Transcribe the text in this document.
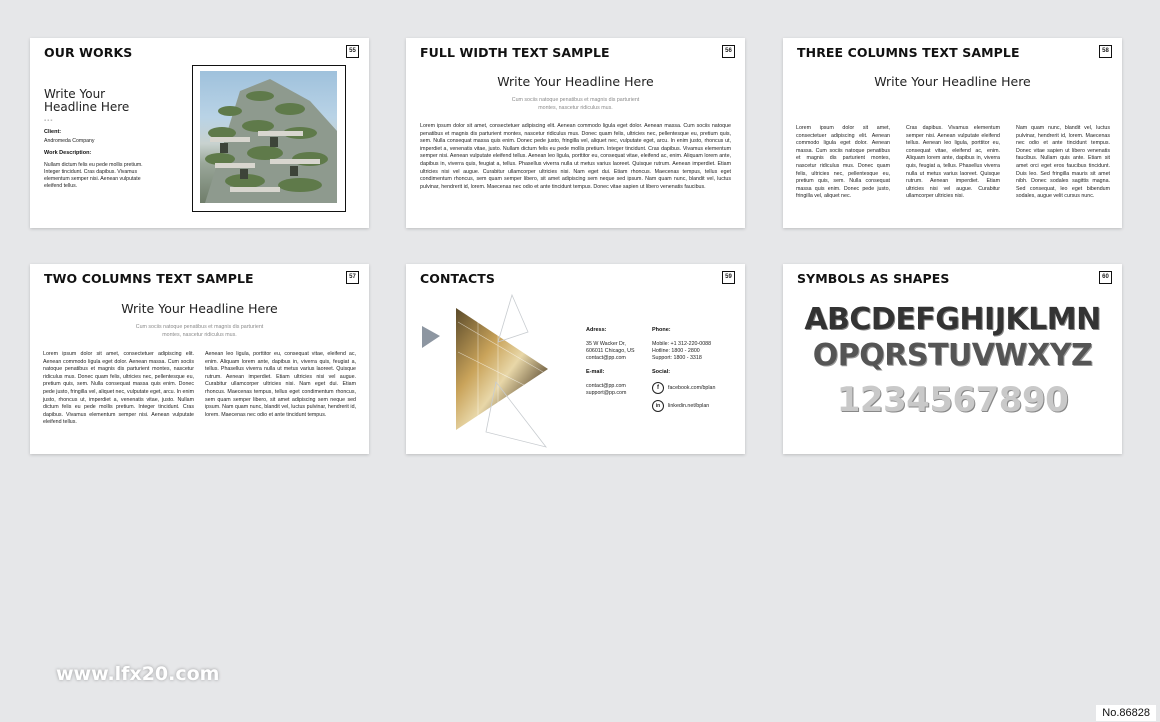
OUR WORKS	55
Write Your
Headline Here
▪▪▪
Client:
Andromeda Company
Work Description:
Nullam dictum felis eu pede mollis pretium. Integer tincidunt. Cras dapibus. Vivamus elementum semper nisi. Aenean vulputate eleifend tellus.
FULL WIDTH TEXT SAMPLE	56
Write Your Headline Here
Cum sociis natoque penatibus et magnis dis parturient
montes, nascetur ridiculus mus.
Lorem ipsum dolor sit amet, consectetuer adipiscing elit. Aenean commodo ligula eget dolor. Aenean massa. Cum sociis natoque penatibus et magnis dis parturient montes, nascetur ridiculus mus. Donec quam felis, ultricies nec, pellentesque eu, pretium quis, sem. Nulla consequat massa quis enim. Donec pede justo, fringilla vel, aliquet nec, vulputate eget, arcu. In enim justo, rhoncus ut, imperdiet a, venenatis vitae, justo. Nullam dictum felis eu pede mollis pretium. Integer tincidunt. Cras dapibus. Vivamus elementum semper nisi. Aenean vulputate eleifend tellus. Aenean leo ligula, porttitor eu, consequat vitae, eleifend ac, enim. Aliquam lorem ante, dapibus in, viverra quis, feugiat a, tellus. Phasellus viverra nulla ut metus varius laoreet. Quisque rutrum. Aenean imperdiet. Etiam ultricies nisi vel augue. Curabitur ullamcorper ultricies nisi. Nam eget dui. Etiam rhoncus. Maecenas tempus, tellus eget condimentum rhoncus, sem quam semper libero, sit amet adipiscing sem neque sed ipsum. Nam quam nunc, blandit vel, luctus pulvinar, hendrerit id, lorem. Maecenas nec odio et ante tincidunt tempus. Donec vitae sapien ut libero venenatis faucibus.
THREE COLUMNS TEXT SAMPLE	58
Write Your Headline Here
Lorem ipsum dolor sit amet, consectetuer adipiscing elit. Aenean commodo ligula eget dolor. Aenean massa. Cum sociis natoque penatibus et magnis dis parturient montes, nascetur ridiculus mus. Donec quam felis, ultricies nec, pellentesque eu, pretium quis, sem. Nulla consequat massa quis enim. Donec pede justo, fringilla vel, aliquet nec.
Cras dapibus. Vivamus elementum semper nisi. Aenean vulputate eleifend tellus. Aenean leo ligula, porttitor eu, consequat vitae, eleifend ac, enim. Aliquam lorem ante, dapibus in, viverra quis, feugiat a, tellus. Phasellus viverra nulla ut metus varius laoreet. Quisque rutrum. Aenean imperdiet. Etiam ultricies nisi vel augue. Curabitur ullamcorper ultricies nisi.
Nam quam nunc, blandit vel, luctus pulvinar, hendrerit id, lorem. Maecenas nec odio et ante tincidunt tempus. Donec vitae sapien ut libero venenatis faucibus. Nullam quis ante. Etiam sit amet orci eget eros faucibus tincidunt. Duis leo. Sed fringilla mauris sit amet nibh. Donec sodales sagittis magna. Sed consequat, leo eget bibendum sodales, augue velit cursus nunc.
TWO COLUMNS TEXT SAMPLE	57
Write Your Headline Here
Cum sociis natoque penatibus et magnis dis parturient
montes, nascetur ridiculus mus.
Lorem ipsum dolor sit amet, consectetuer adipiscing elit. Aenean commodo ligula eget dolor. Aenean massa. Cum sociis natoque penatibus et magnis dis parturient montes, nascetur ridiculus mus. Donec quam felis, ultricies nec, pellentesque eu, pretium quis, sem. Nulla consequat massa quis enim. Donec pede justo, fringilla vel, aliquet nec, vulputate eget, arcu. In enim justo, rhoncus ut, imperdiet a, venenatis vitae, justo. Nullam dictum felis eu pede mollis pretium. Integer tincidunt. Cras dapibus. Vivamus elementum semper nisi. Aenean vulputate eleifend tellus.
Aenean leo ligula, porttitor eu, consequat vitae, eleifend ac, enim. Aliquam lorem ante, dapibus in, viverra quis, feugiat a, tellus. Phasellus viverra nulla ut metus varius laoreet. Quisque rutrum. Aenean imperdiet. Etiam ultricies nisi vel augue. Curabitur ullamcorper ultricies nisi. Nam eget dui. Etiam rhoncus. Maecenas tempus, tellus eget condimentum rhoncus, sem quam semper libero, sit amet adipiscing sem neque sed ipsum. Nam quam nunc, blandit vel, luctus pulvinar, hendrerit id, lorem. Maecenas nec odio et ante tincidunt tempus.
CONTACTS	59
Adress:
35 W Wacker Dr,
606011 Chicago, US
contact@pp.com
Phone:
Mobile: +1 312-220-0088
Hotline: 1800 - 2800
Support: 1800 - 3318
E-mail:
contact@pp.com
support@pp.com
Social:
f	facebook.com/bplan
in	linkedin.net/bplan
SYMBOLS AS SHAPES	60
ABCDEFGHIJKLMN
OPQRSTUVWXYZ
1234567890
www.lfx20.com
No.86828
